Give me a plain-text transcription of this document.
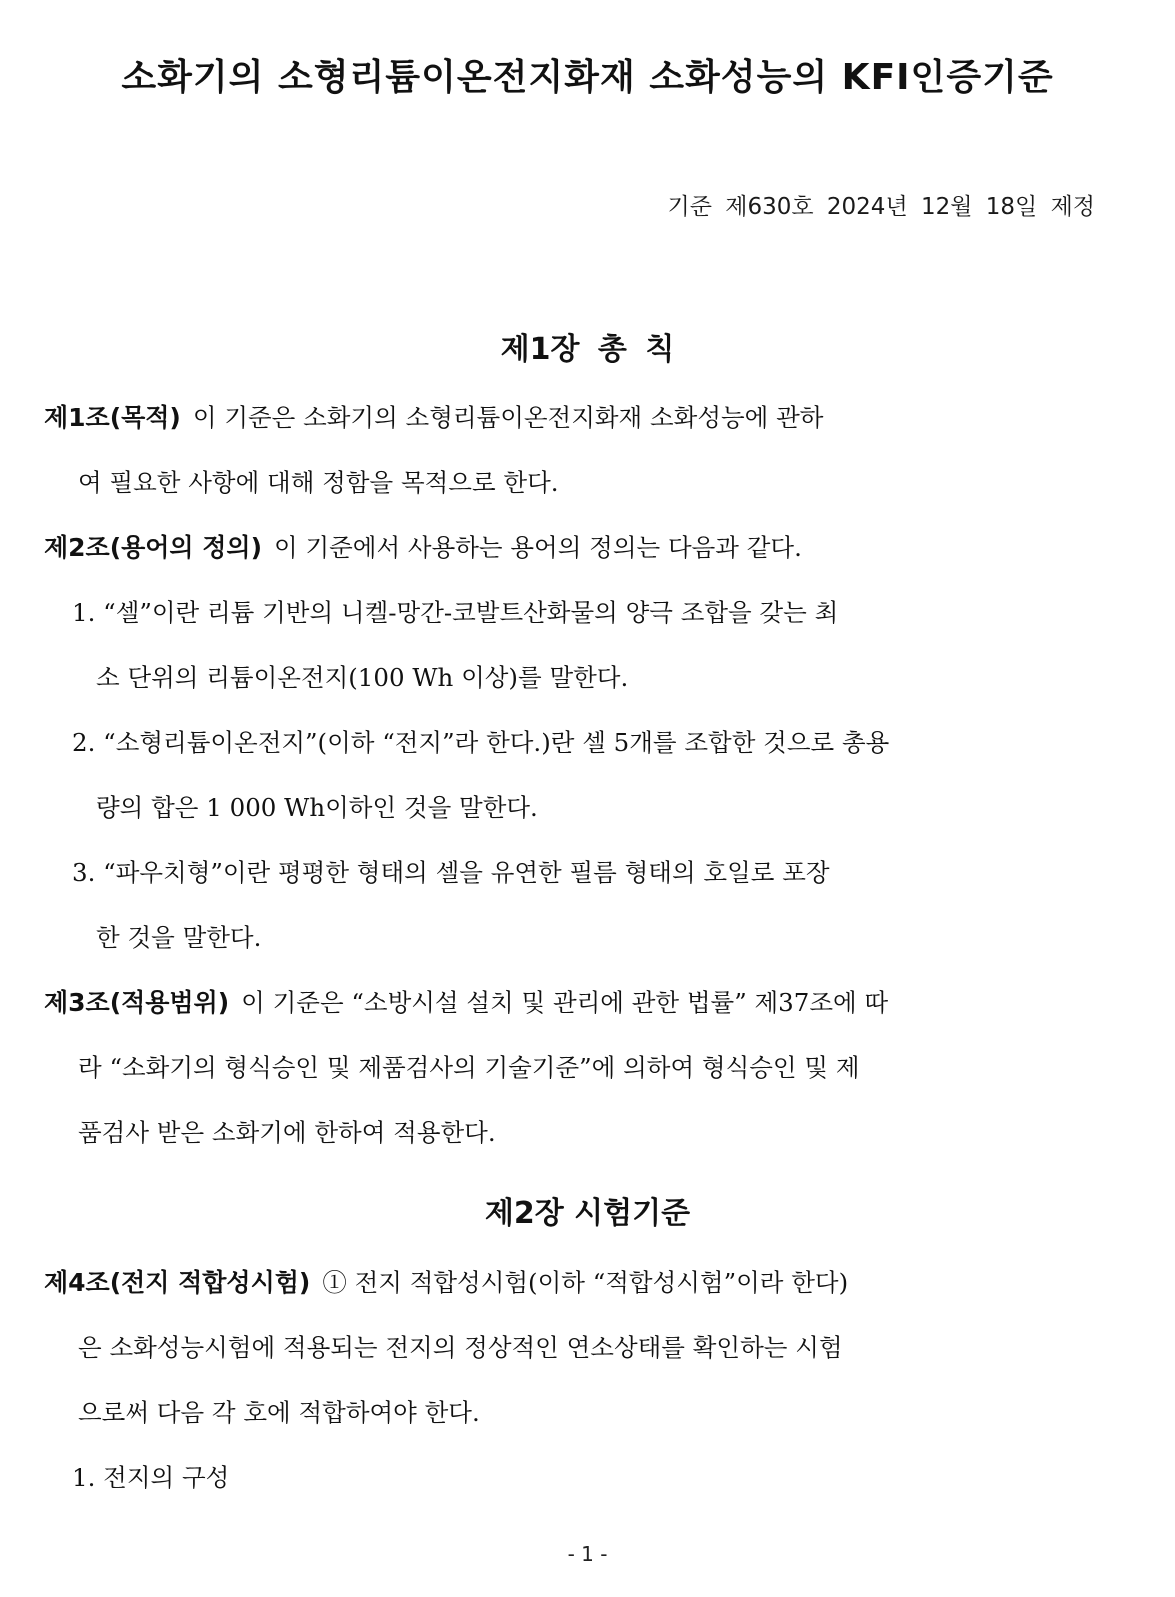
소화기의 소형리튬이온전지화재 소화성능의 KFI인증기준
기준 제630호 2024년 12월 18일 제정
제1장 총 칙
제1조(목적) 이 기준은 소화기의 소형리튬이온전지화재 소화성능에 관하
여 필요한 사항에 대해 정함을 목적으로 한다.
제2조(용어의 정의) 이 기준에서 사용하는 용어의 정의는 다음과 같다.
1. “셀”이란 리튬 기반의 니켈-망간-코발트산화물의 양극 조합을 갖는 최
소 단위의 리튬이온전지(100 Wh 이상)를 말한다.
2. “소형리튬이온전지”(이하 “전지”라 한다.)란 셀 5개를 조합한 것으로 총용
량의 합은 1 000 Wh이하인 것을 말한다.
3. “파우치형”이란 평평한 형태의 셀을 유연한 필름 형태의 호일로 포장
한 것을 말한다.
제3조(적용범위) 이 기준은 “소방시설 설치 및 관리에 관한 법률” 제37조에 따
라 “소화기의 형식승인 및 제품검사의 기술기준”에 의하여 형식승인 및 제
품검사 받은 소화기에 한하여 적용한다.
제2장 시험기준
제4조(전지 적합성시험) ① 전지 적합성시험(이하 “적합성시험”이라 한다)
은 소화성능시험에 적용되는 전지의 정상적인 연소상태를 확인하는 시험
으로써 다음 각 호에 적합하여야 한다.
1. 전지의 구성
- 1 -
